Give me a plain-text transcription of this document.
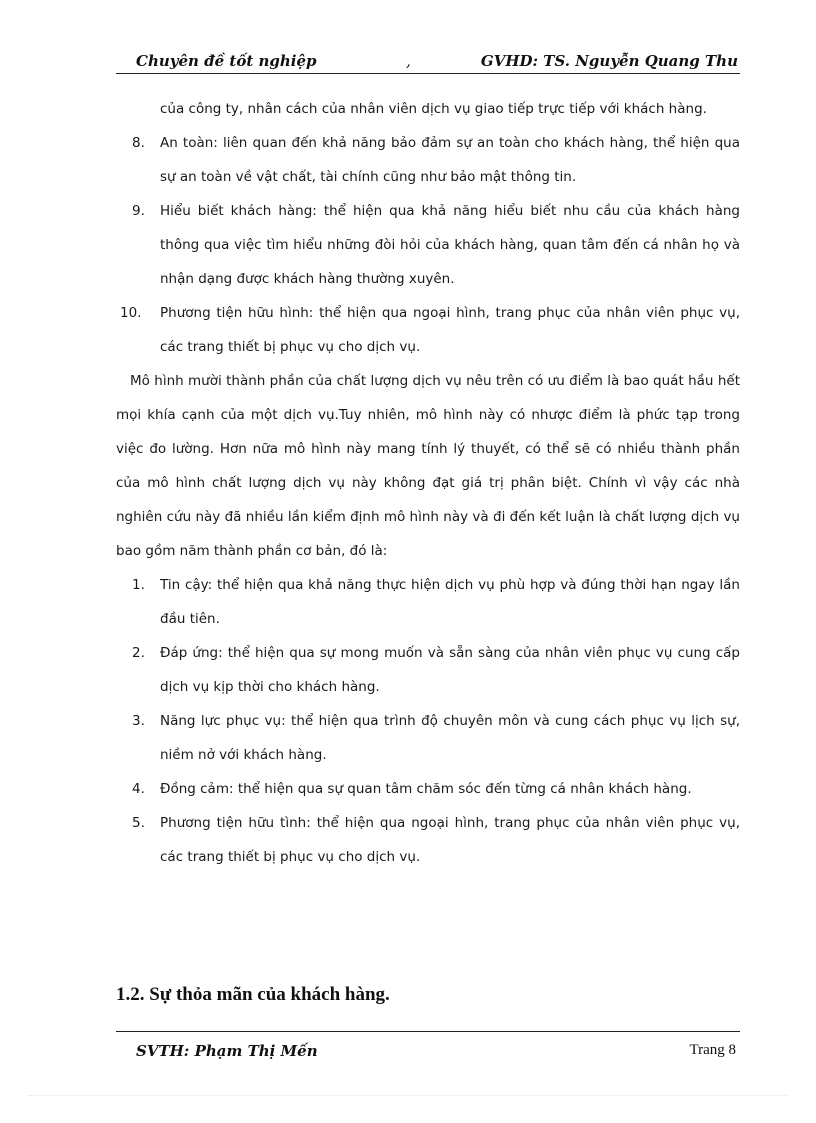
Chuyên đề tốt nghiệp	,	GVHD: TS. Nguyễn Quang Thu
của công ty, nhân cách của nhân viên dịch vụ giao tiếp trực tiếp với khách hàng.
8. An toàn: liên quan đến khả năng bảo đảm sự an toàn cho khách hàng, thể hiện qua sự an toàn về vật chất, tài chính cũng như bảo mật thông tin.
9. Hiểu biết khách hàng: thể hiện qua khả năng hiểu biết nhu cầu của khách hàng thông qua việc tìm hiểu những đòi hỏi của khách hàng, quan tâm đến cá nhân họ và nhận dạng được khách hàng thường xuyên.
10. Phương tiện hữu hình: thể hiện qua ngoại hình, trang phục của nhân viên phục vụ, các trang thiết bị phục vụ cho dịch vụ.
Mô hình mười thành phần của chất lượng dịch vụ nêu trên có ưu điểm là bao quát hầu hết mọi khía cạnh của một dịch vụ.Tuy nhiên, mô hình này có nhược điểm là phức tạp trong việc đo lường. Hơn nữa mô hình này mang tính lý thuyết, có thể sẽ có nhiều thành phần của mô hình chất lượng dịch vụ này không đạt giá trị phân biệt. Chính vì vậy các nhà nghiên cứu này đã nhiều lần kiểm định mô hình này và đi đến kết luận là chất lượng dịch vụ bao gồm năm thành phần cơ bản, đó là:
1. Tin cậy: thể hiện qua khả năng thực hiện dịch vụ phù hợp và đúng thời hạn ngay lần đầu tiên.
2. Đáp ứng: thể hiện qua sự mong muốn và sẵn sàng của nhân viên phục vụ cung cấp dịch vụ kịp thời cho khách hàng.
3. Năng lực phục vụ: thể hiện qua trình độ chuyên môn và cung cách phục vụ lịch sự, niềm nở với khách hàng.
4. Đồng cảm: thể hiện qua sự quan tâm chăm sóc đến từng cá nhân khách hàng.
5. Phương tiện hữu tình: thể hiện qua ngoại hình, trang phục của nhân viên phục vụ, các trang thiết bị phục vụ cho dịch vụ.
1.2. Sự thỏa mãn của khách hàng.
SVTH: Phạm Thị Mến	Trang 8
